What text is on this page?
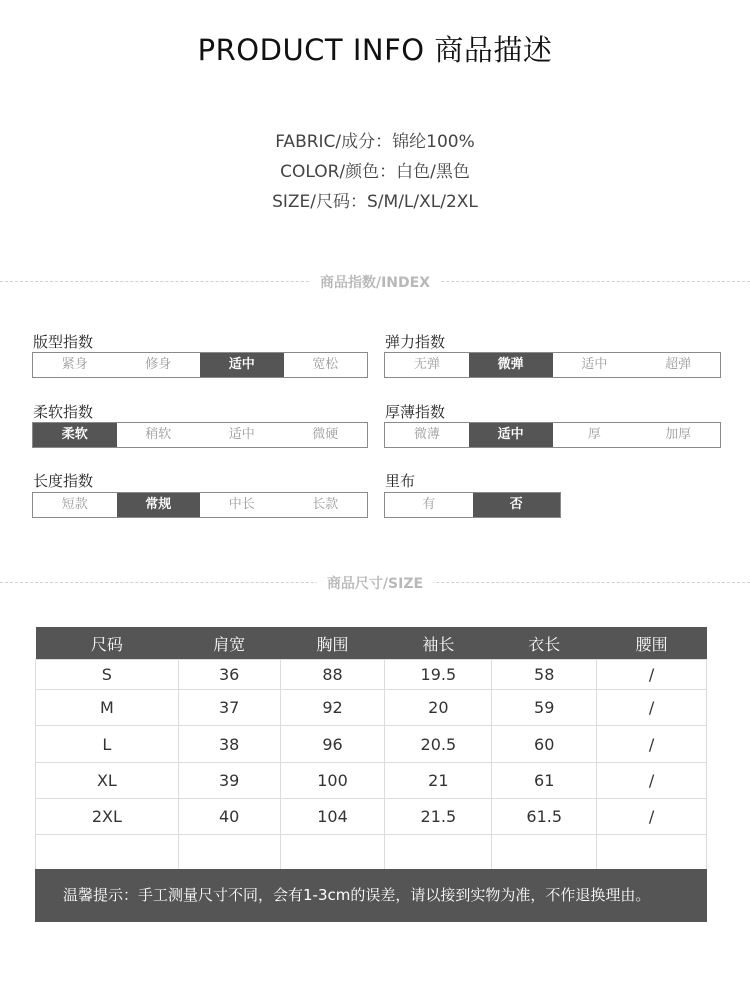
PRODUCT INFO 商品描述
FABRIC/成分：锦纶100%
COLOR/颜色：白色/黑色
SIZE/尺码：S/M/L/XL/2XL
商品指数/INDEX
版型指数
紧身	修身	适中	宽松
弹力指数
无弹	微弹	适中	超弹
柔软指数
柔软	稍软	适中	微硬
厚薄指数
微薄	适中	厚	加厚
长度指数
短款	常规	中长	长款
里布
有	否
商品尺寸/SIZE
尺码	肩宽	胸围	袖长	衣长	腰围
S	36	88	19.5	58	/
M	37	92	20	59	/
L	38	96	20.5	60	/
XL	39	100	21	61	/
2XL	40	104	21.5	61.5	/

温馨提示：手工测量尺寸不同，会有1-3cm的误差，请以接到实物为准，不作退换理由。
